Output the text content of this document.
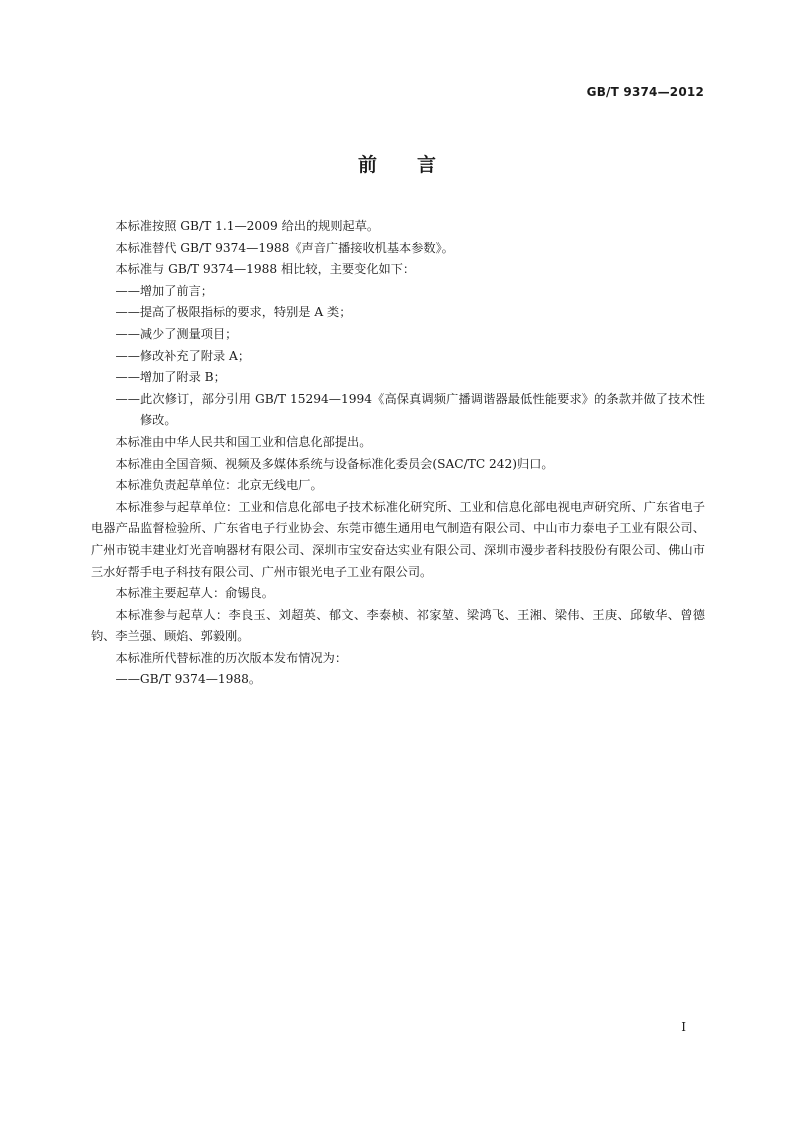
GB/T 9374—2012
前言

本标准按照 GB/T 1.1—2009 给出的规则起草。

本标准替代 GB/T 9374—1988《声音广播接收机基本参数》。

本标准与 GB/T 9374—1988 相比较，主要变化如下：

——增加了前言；

——提高了极限指标的要求，特别是 A 类；

——减少了测量项目；

——修改补充了附录 A；

——增加了附录 B；

——此次修订，部分引用 GB/T 15294—1994《高保真调频广播调谐器最低性能要求》的条款并做了技术性修改。

本标准由中华人民共和国工业和信息化部提出。

本标准由全国音频、视频及多媒体系统与设备标准化委员会(SAC/TC 242)归口。

本标准负责起草单位：北京无线电厂。

本标准参与起草单位：工业和信息化部电子技术标准化研究所、工业和信息化部电视电声研究所、广东省电子电器产品监督检验所、广东省电子行业协会、东莞市德生通用电气制造有限公司、中山市力泰电子工业有限公司、广州市锐丰建业灯光音响器材有限公司、深圳市宝安奋达实业有限公司、深圳市漫步者科技股份有限公司、佛山市三水好帮手电子科技有限公司、广州市银光电子工业有限公司。

本标准主要起草人：俞锡良。

本标准参与起草人：李良玉、刘超英、郁文、李泰桢、祁家堃、梁鸿飞、王湘、梁伟、王庚、邱敏华、曾德钧、李兰强、顾焰、郭毅刚。

本标准所代替标准的历次版本发布情况为：

——GB/T 9374—1988。

I
